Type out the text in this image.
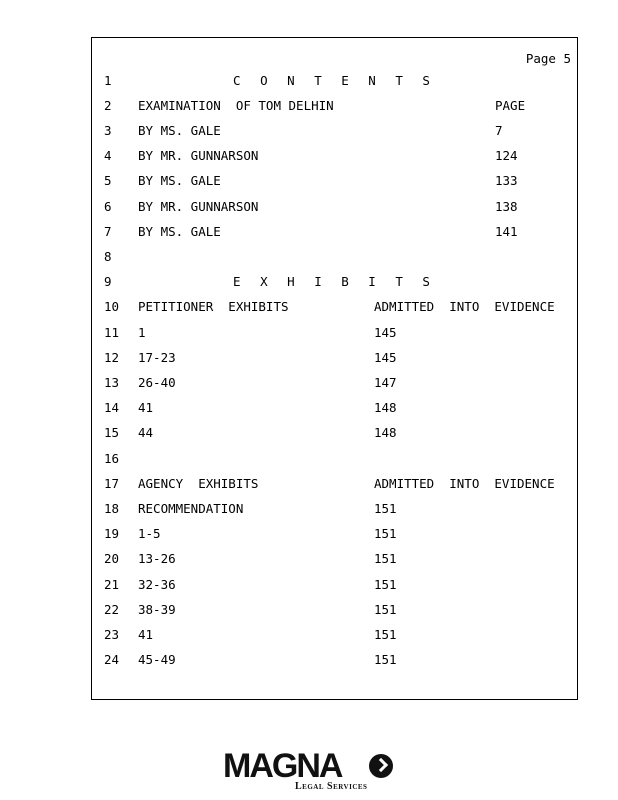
Page 5
1	C O N T E N T S
2	EXAMINATION  OF TOM DELHIN	PAGE
3	BY MS. GALE	7
4	BY MR. GUNNARSON	124
5	BY MS. GALE	133
6	BY MR. GUNNARSON	138
7	BY MS. GALE	141
8
9	E X H I B I T S
10	PETITIONER  EXHIBITS	ADMITTED  INTO  EVIDENCE
11	1	145
12	17-23	145
13	26-40	147
14	41	148
15	44	148
16
17	AGENCY  EXHIBITS	ADMITTED  INTO  EVIDENCE
18	RECOMMENDATION	151
19	1-5	151
20	13-26	151
21	32-36	151
22	38-39	151
23	41	151
24	45-49	151
MAGNA
Legal Services
